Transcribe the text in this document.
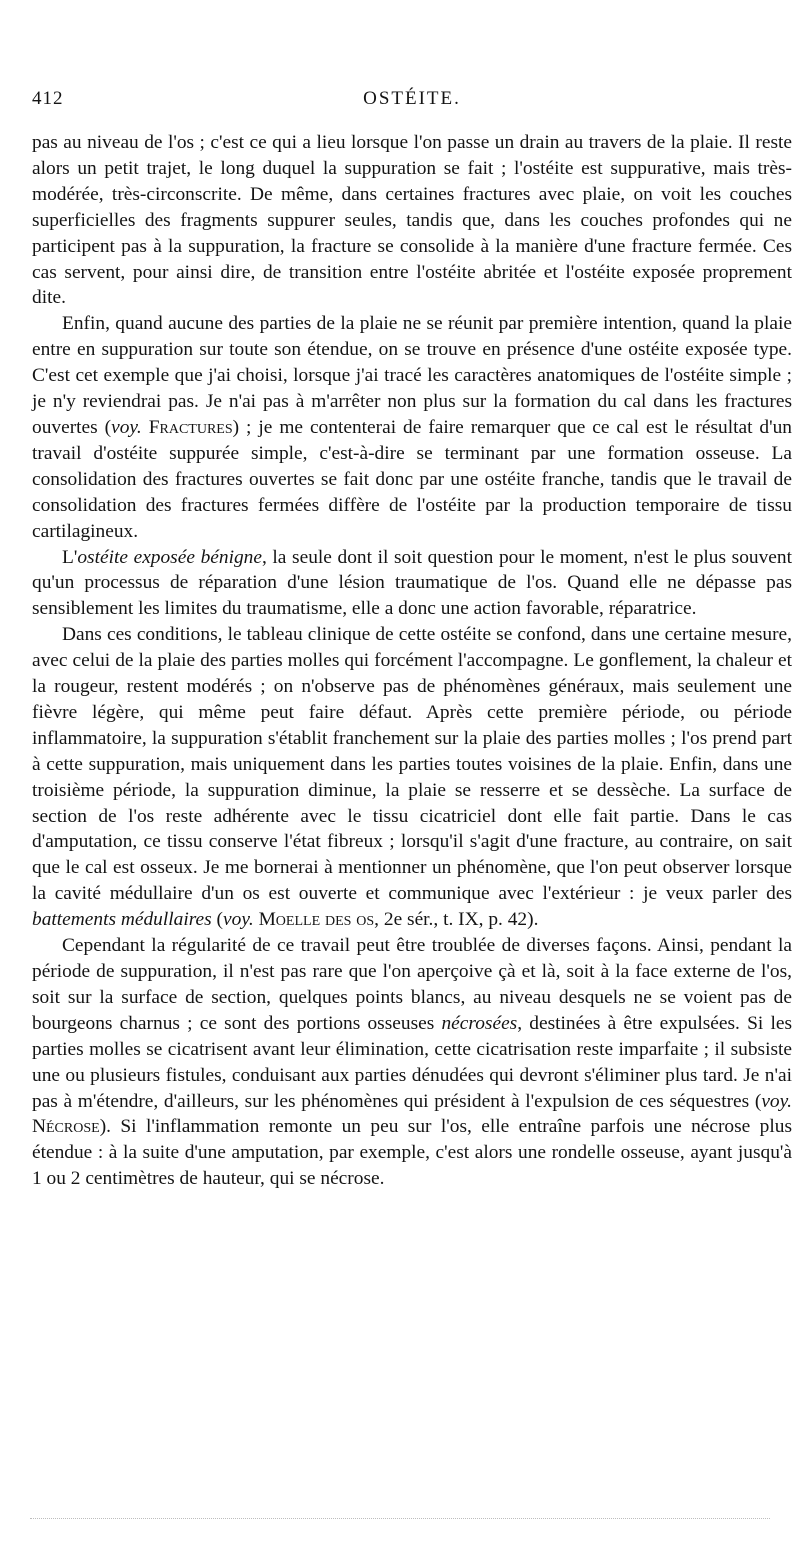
412	OSTÉITE.

pas au niveau de l'os ; c'est ce qui a lieu lorsque l'on passe un drain au travers de la plaie. Il reste alors un petit trajet, le long duquel la suppuration se fait ; l'ostéite est suppurative, mais très-modérée, très-circonscrite. De même, dans certaines fractures avec plaie, on voit les couches superficielles des fragments suppurer seules, tandis que, dans les couches profondes qui ne participent pas à la suppuration, la fracture se consolide à la manière d'une fracture fermée. Ces cas servent, pour ainsi dire, de transition entre l'ostéite abritée et l'ostéite exposée proprement dite.

Enfin, quand aucune des parties de la plaie ne se réunit par première intention, quand la plaie entre en suppuration sur toute son étendue, on se trouve en présence d'une ostéite exposée type. C'est cet exemple que j'ai choisi, lorsque j'ai tracé les caractères anatomiques de l'ostéite simple ; je n'y reviendrai pas. Je n'ai pas à m'arrêter non plus sur la formation du cal dans les fractures ouvertes (voy. Fractures) ; je me contenterai de faire remarquer que ce cal est le résultat d'un travail d'ostéite suppurée simple, c'est-à-dire se terminant par une formation osseuse. La consolidation des fractures ouvertes se fait donc par une ostéite franche, tandis que le travail de consolidation des fractures fermées diffère de l'ostéite par la production temporaire de tissu cartilagineux.

L'ostéite exposée bénigne, la seule dont il soit question pour le moment, n'est le plus souvent qu'un processus de réparation d'une lésion traumatique de l'os. Quand elle ne dépasse pas sensiblement les limites du traumatisme, elle a donc une action favorable, réparatrice.

Dans ces conditions, le tableau clinique de cette ostéite se confond, dans une certaine mesure, avec celui de la plaie des parties molles qui forcément l'accompagne. Le gonflement, la chaleur et la rougeur, restent modérés ; on n'observe pas de phénomènes généraux, mais seulement une fièvre légère, qui même peut faire défaut. Après cette première période, ou période inflammatoire, la suppuration s'établit franchement sur la plaie des parties molles ; l'os prend part à cette suppuration, mais uniquement dans les parties toutes voisines de la plaie. Enfin, dans une troisième période, la suppuration diminue, la plaie se resserre et se dessèche. La surface de section de l'os reste adhérente avec le tissu cicatriciel dont elle fait partie. Dans le cas d'amputation, ce tissu conserve l'état fibreux ; lorsqu'il s'agit d'une fracture, au contraire, on sait que le cal est osseux. Je me bornerai à mentionner un phénomène, que l'on peut observer lorsque la cavité médullaire d'un os est ouverte et communique avec l'extérieur : je veux parler des battements médullaires (voy. Moelle des os, 2e sér., t. IX, p. 42).

Cependant la régularité de ce travail peut être troublée de diverses façons. Ainsi, pendant la période de suppuration, il n'est pas rare que l'on aperçoive çà et là, soit à la face externe de l'os, soit sur la surface de section, quelques points blancs, au niveau desquels ne se voient pas de bourgeons charnus ; ce sont des portions osseuses nécrosées, destinées à être expulsées. Si les parties molles se cicatrisent avant leur élimination, cette cicatrisation reste imparfaite ; il subsiste une ou plusieurs fistules, conduisant aux parties dénudées qui devront s'éliminer plus tard. Je n'ai pas à m'étendre, d'ailleurs, sur les phénomènes qui président à l'expulsion de ces séquestres (voy. Nécrose). Si l'inflammation remonte un peu sur l'os, elle entraîne parfois une nécrose plus étendue : à la suite d'une amputation, par exemple, c'est alors une rondelle osseuse, ayant jusqu'à 1 ou 2 centimètres de hauteur, qui se nécrose.
